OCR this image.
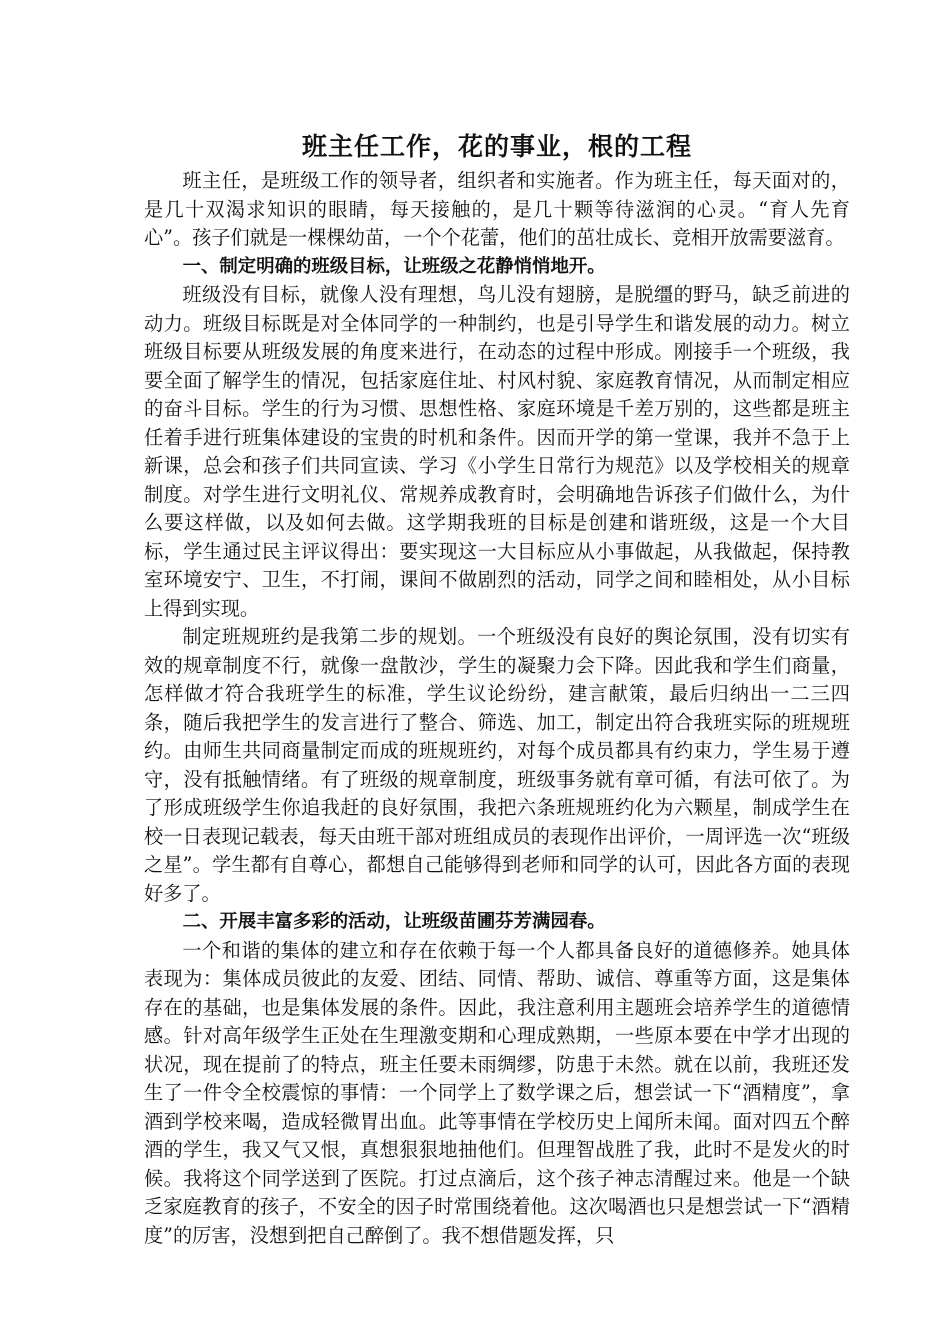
班主任工作，花的事业，根的工程

班主任，是班级工作的领导者，组织者和实施者。作为班主任，每天面对的，是几十双渴求知识的眼睛，每天接触的，是几十颗等待滋润的心灵。“育人先育心”。孩子们就是一棵棵幼苗，一个个花蕾，他们的茁壮成长、竞相开放需要滋育。

一、制定明确的班级目标，让班级之花静悄悄地开。

班级没有目标，就像人没有理想，鸟儿没有翅膀，是脱缰的野马，缺乏前进的动力。班级目标既是对全体同学的一种制约，也是引导学生和谐发展的动力。树立班级目标要从班级发展的角度来进行，在动态的过程中形成。刚接手一个班级，我要全面了解学生的情况，包括家庭住址、村风村貌、家庭教育情况，从而制定相应的奋斗目标。学生的行为习惯、思想性格、家庭环境是千差万别的，这些都是班主任着手进行班集体建设的宝贵的时机和条件。因而开学的第一堂课，我并不急于上新课，总会和孩子们共同宣读、学习《小学生日常行为规范》以及学校相关的规章制度。对学生进行文明礼仪、常规养成教育时，会明确地告诉孩子们做什么，为什么要这样做，以及如何去做。这学期我班的目标是创建和谐班级，这是一个大目标，学生通过民主评议得出：要实现这一大目标应从小事做起，从我做起，保持教室环境安宁、卫生，不打闹，课间不做剧烈的活动，同学之间和睦相处，从小目标上得到实现。

制定班规班约是我第二步的规划。一个班级没有良好的舆论氛围，没有切实有效的规章制度不行，就像一盘散沙，学生的凝聚力会下降。因此我和学生们商量，怎样做才符合我班学生的标准，学生议论纷纷，建言献策，最后归纳出一二三四条，随后我把学生的发言进行了整合、筛选、加工，制定出符合我班实际的班规班约。由师生共同商量制定而成的班规班约，对每个成员都具有约束力，学生易于遵守，没有抵触情绪。有了班级的规章制度，班级事务就有章可循，有法可依了。为了形成班级学生你追我赶的良好氛围，我把六条班规班约化为六颗星，制成学生在校一日表现记载表，每天由班干部对班组成员的表现作出评价，一周评选一次“班级之星”。学生都有自尊心，都想自己能够得到老师和同学的认可，因此各方面的表现好多了。

二、开展丰富多彩的活动，让班级苗圃芬芳满园春。

一个和谐的集体的建立和存在依赖于每一个人都具备良好的道德修养。她具体表现为：集体成员彼此的友爱、团结、同情、帮助、诚信、尊重等方面，这是集体存在的基础，也是集体发展的条件。因此，我注意利用主题班会培养学生的道德情感。针对高年级学生正处在生理激变期和心理成熟期，一些原本要在中学才出现的状况，现在提前了的特点，班主任要未雨绸缪，防患于未然。就在以前，我班还发生了一件令全校震惊的事情：一个同学上了数学课之后，想尝试一下“酒精度”，拿酒到学校来喝，造成轻微胃出血。此等事情在学校历史上闻所未闻。面对四五个醉酒的学生，我又气又恨，真想狠狠地抽他们。但理智战胜了我，此时不是发火的时候。我将这个同学送到了医院。打过点滴后，这个孩子神志清醒过来。他是一个缺乏家庭教育的孩子，不安全的因子时常围绕着他。这次喝酒也只是想尝试一下“酒精度”的厉害，没想到把自己醉倒了。我不想借题发挥，只
